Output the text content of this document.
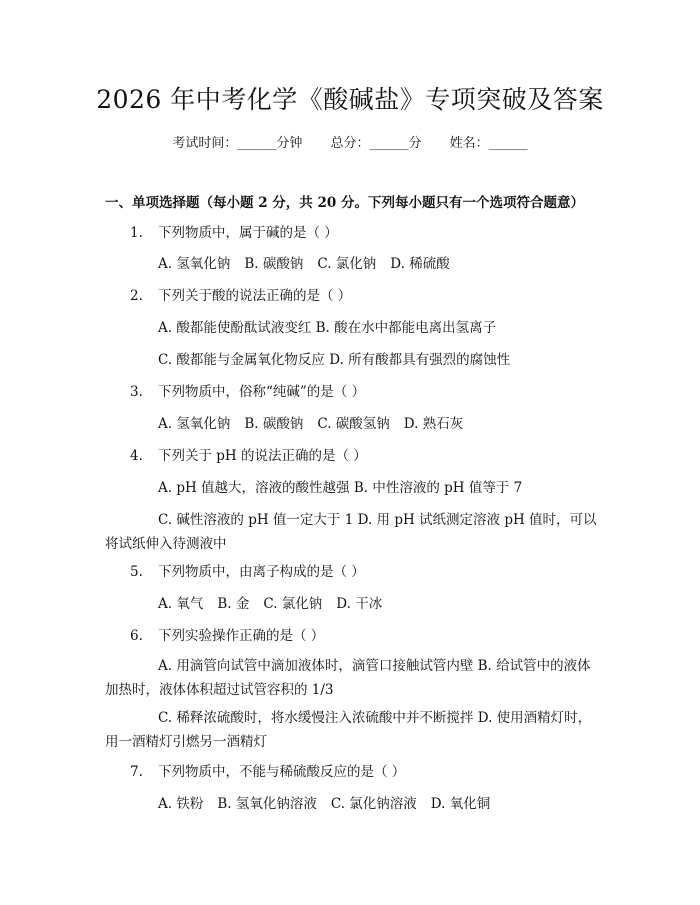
2026 年中考化学《酸碱盐》专项突破及答案
考试时间：______分钟 总分：______分 姓名：______
一、单项选择题（每小题 2 分，共 20 分。下列每小题只有一个选项符合题意）
1. 下列物质中，属于碱的是（ ）
A. 氢氧化钠 B. 碳酸钠 C. 氯化钠 D. 稀硫酸
2. 下列关于酸的说法正确的是（ ）
A. 酸都能使酚酞试液变红 B. 酸在水中都能电离出氢离子
C. 酸都能与金属氧化物反应 D. 所有酸都具有强烈的腐蚀性
3. 下列物质中，俗称“纯碱”的是（ ）
A. 氢氧化钠 B. 碳酸钠 C. 碳酸氢钠 D. 熟石灰
4. 下列关于 pH 的说法正确的是（ ）
A. pH 值越大，溶液的酸性越强 B. 中性溶液的 pH 值等于 7
C. 碱性溶液的 pH 值一定大于 1 D. 用 pH 试纸测定溶液 pH 值时，可以将试纸伸入待测液中
5. 下列物质中，由离子构成的是（ ）
A. 氧气 B. 金 C. 氯化钠 D. 干冰
6. 下列实验操作正确的是（ ）
A. 用滴管向试管中滴加液体时，滴管口接触试管内壁 B. 给试管中的液体加热时，液体体积超过试管容积的 1/3
C. 稀释浓硫酸时，将水缓慢注入浓硫酸中并不断搅拌 D. 使用酒精灯时，用一酒精灯引燃另一酒精灯
7. 下列物质中，不能与稀硫酸反应的是（ ）
A. 铁粉 B. 氢氧化钠溶液 C. 氯化钠溶液 D. 氧化铜
